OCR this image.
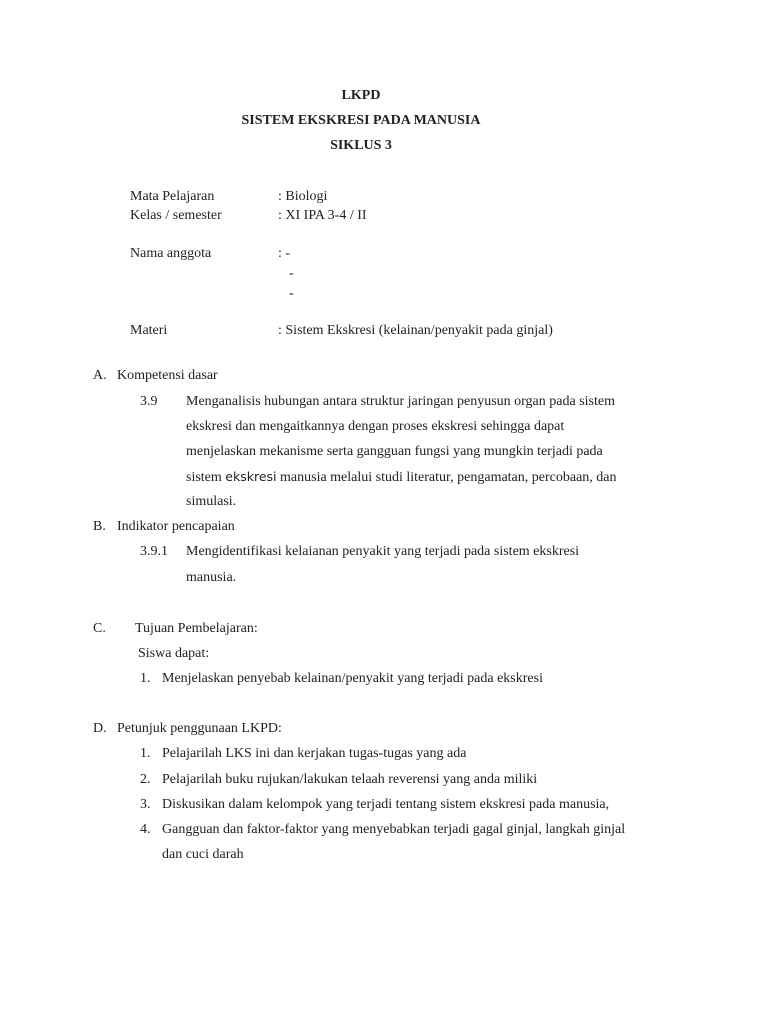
LKPD
SISTEM EKSKRESI PADA MANUSIA
SIKLUS 3
Mata Pelajaran	: Biologi
Kelas / semester	: XI IPA 3-4 / II
Nama anggota	: -
-
-
Materi	: Sistem Ekskresi (kelainan/penyakit pada ginjal)
A. Kompetensi dasar
3.9 Menganalisis hubungan antara struktur jaringan penyusun organ pada sistem
ekskresi dan mengaitkannya dengan proses ekskresi sehingga dapat
menjelaskan mekanisme serta gangguan fungsi yang mungkin terjadi pada
sistem ekskresi manusia melalui studi literatur, pengamatan, percobaan, dan
simulasi.
B. Indikator pencapaian
3.9.1 Mengidentifikasi kelaianan penyakit yang terjadi pada sistem ekskresi
manusia.
C. Tujuan Pembelajaran:
Siswa dapat:
1. Menjelaskan penyebab kelainan/penyakit yang terjadi pada ekskresi
D. Petunjuk penggunaan LKPD:
1. Pelajarilah LKS ini dan kerjakan tugas-tugas yang ada
2. Pelajarilah buku rujukan/lakukan telaah reverensi yang anda miliki
3. Diskusikan dalam kelompok yang terjadi tentang sistem ekskresi pada manusia,
4. Gangguan dan faktor-faktor yang menyebabkan terjadi gagal ginjal, langkah ginjal
dan cuci darah
